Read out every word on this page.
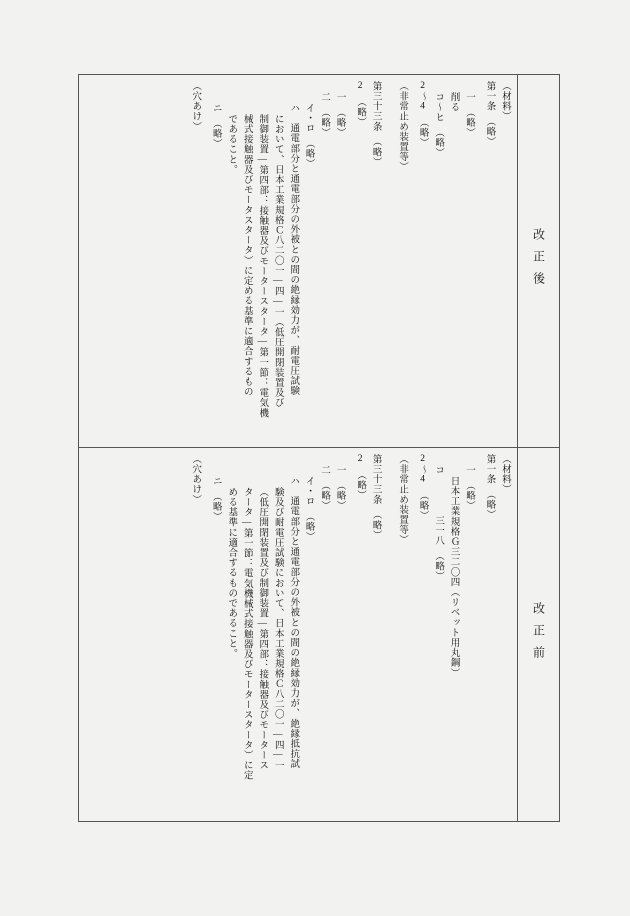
（材料）
第一条　（略）
一　（略）
削る
コ〜ヒ　（略）
2〜4　（略）
（非常止め装置等）
第三十三条　（略）
2　（略）
一　（略）
二　（略）
イ・ロ　（略）
ハ　通電部分と通電部分の外被との間の絶縁効力が、耐電圧試験
において、日本工業規格Ｃ八二〇一―四―一（低圧開閉装置及び
制御装置―第四部：接触器及びモータースタータ―第一節：電気機
械式接触器及びモータスタータ）に定める基準に適合するもの
であること。
ニ　（略）
（穴あけ）
改正後
（材料）
第一条　（略）
一　（略）
日本工業規格Ｇ三二〇四（リベット用丸鋼）
コ　　　　三一八　（略）
2〜4　（略）
（非常止め装置等）
第三十三条　（略）
2　（略）
一　（略）
二　（略）
イ・ロ　（略）
ハ　通電部分と通電部分の外被との間の絶縁効力が、絶縁抵抗試
験及び耐電圧試験において、日本工業規格Ｃ八二〇一―四―一
（低圧開閉装置及び制御装置―第四部：接触器及びモータース
タータ―第一節：電気機械式接触器及びモータースタータ）に定
める基準に適合するものであること。
ニ　（略）
（穴あけ）
改正前
